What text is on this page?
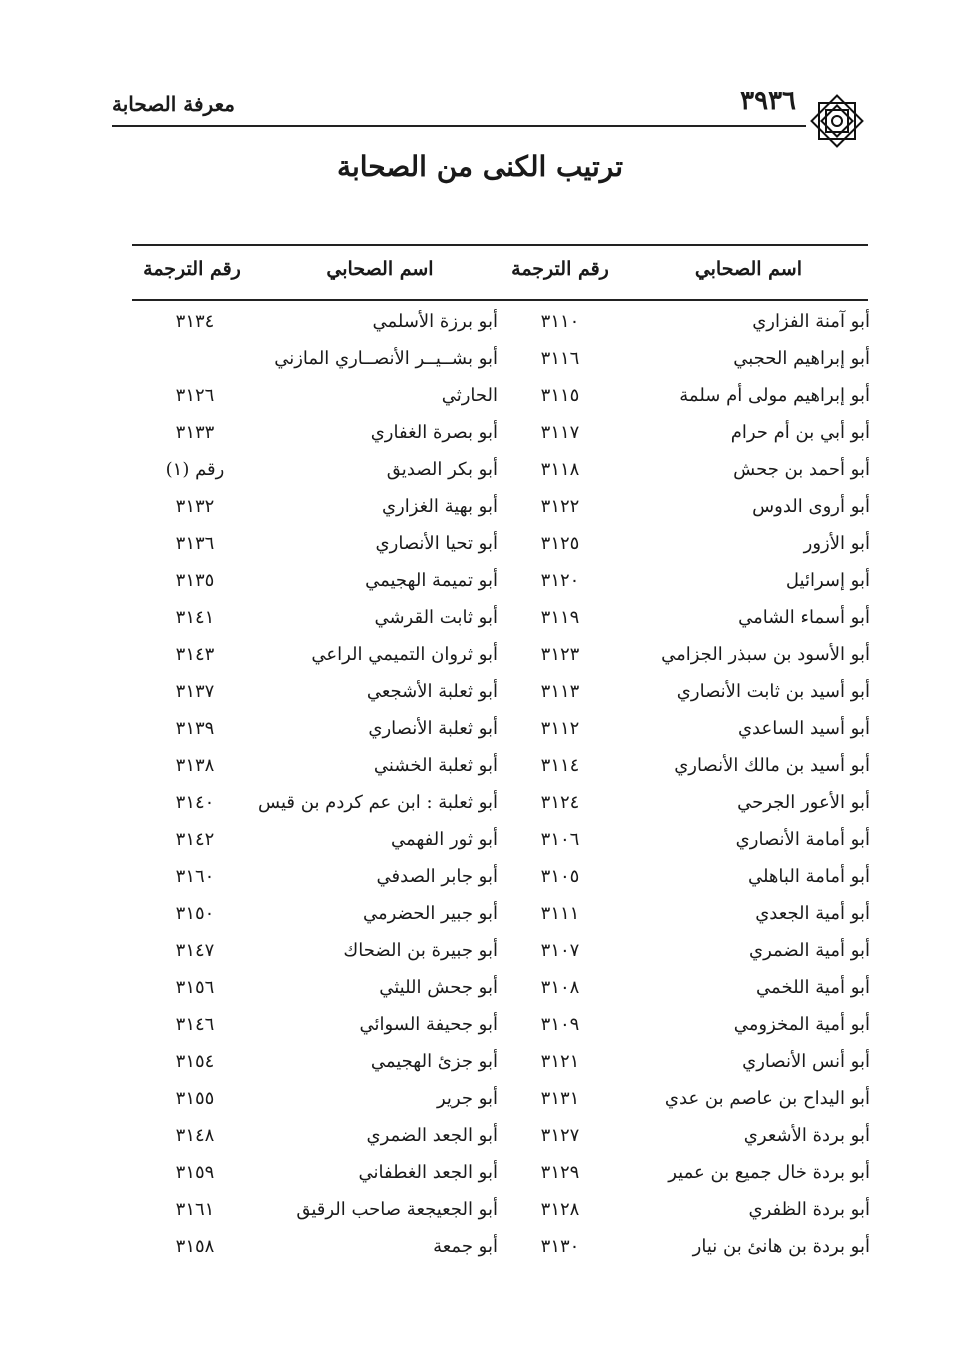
معرفة الصحابة	٣٩٣٦
ترتيب الكنى من الصحابة
اسم الصحابي
رقم الترجمة
اسم الصحابي
رقم الترجمة
أبو آمنة الفزاري
٣١١٠
أبو برزة الأسلمي
٣١٣٤
أبو إبراهيم الحجبي
٣١١٦
أبو بشــيــر الأنصــاري المازني
أبو إبراهيم مولى أم سلمة
٣١١٥
الحارثي
٣١٢٦
أبو أبي بن أم حرام
٣١١٧
أبو بصرة الغفاري
٣١٣٣
أبو أحمد بن جحش
٣١١٨
أبو بكر الصديق
رقم (١)
أبو أروى الدوس
٣١٢٢
أبو بهية الغزاري
٣١٣٢
أبو الأزور
٣١٢٥
أبو تحيا الأنصاري
٣١٣٦
أبو إسرائيل
٣١٢٠
أبو تميمة الهجيمي
٣١٣٥
أبو أسماء الشامي
٣١١٩
أبو ثابت القرشي
٣١٤١
أبو الأسود بن سبذر الجزامي
٣١٢٣
أبو ثروان التميمي الراعي
٣١٤٣
أبو أسيد بن ثابت الأنصاري
٣١١٣
أبو ثعلبة الأشجعي
٣١٣٧
أبو أسيد الساعدي
٣١١٢
أبو ثعلبة الأنصاري
٣١٣٩
أبو أسيد بن مالك الأنصاري
٣١١٤
أبو ثعلبة الخشني
٣١٣٨
أبو الأعور الجرحي
٣١٢٤
أبو ثعلبة : ابن عم كردم بن قيس
٣١٤٠
أبو أمامة الأنصاري
٣١٠٦
أبو ثور الفهمي
٣١٤٢
أبو أمامة الباهلي
٣١٠٥
أبو جابر الصدفي
٣١٦٠
أبو أمية الجعدي
٣١١١
أبو جبير الحضرمي
٣١٥٠
أبو أمية الضمري
٣١٠٧
أبو جبيرة بن الضحاك
٣١٤٧
أبو أمية اللخمي
٣١٠٨
أبو جحش الليثي
٣١٥٦
أبو أمية المخزومي
٣١٠٩
أبو جحيفة السوائي
٣١٤٦
أبو أنس الأنصاري
٣١٢١
أبو جزئ الهجيمي
٣١٥٤
أبو اليداح بن عاصم بن عدي
٣١٣١
أبو جرير
٣١٥٥
أبو بردة الأشعري
٣١٢٧
أبو الجعد الضمري
٣١٤٨
أبو بردة خال جميع بن عمير
٣١٢٩
أبو الجعد الغطفاني
٣١٥٩
أبو بردة الظفري
٣١٢٨
أبو الجعيجعة صاحب الرقيق
٣١٦١
أبو بردة بن هانئ بن نيار
٣١٣٠
أبو جمعة
٣١٥٨
